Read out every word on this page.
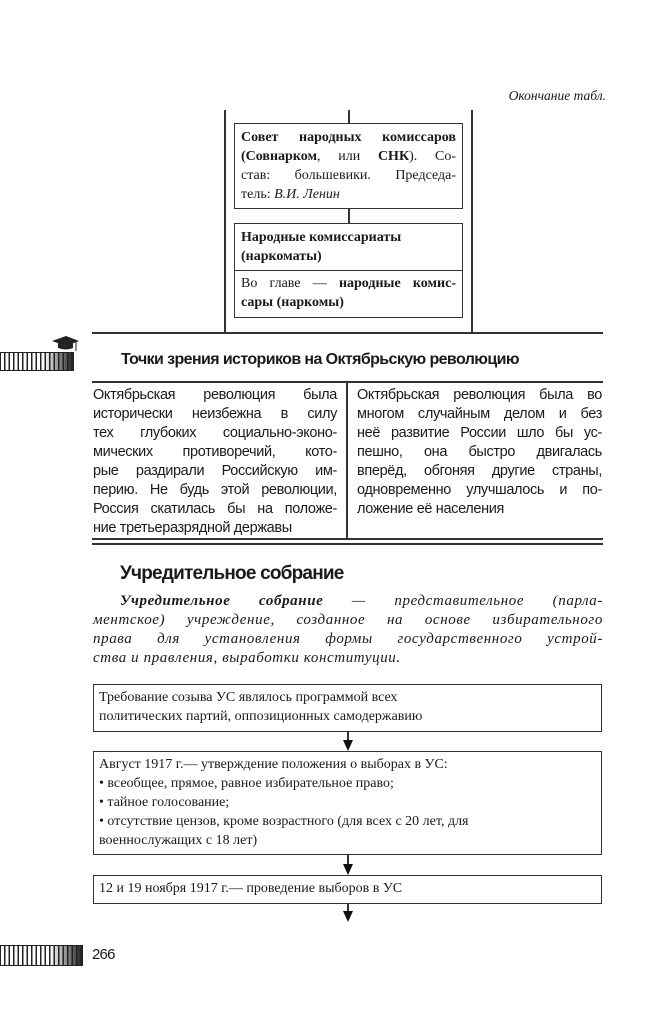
Окончание табл.
Совет народных комиссаров
(Совнарком, или СНК). Со-
став: большевики. Председа-
тель: В.И. Ленин
Народные комиссариаты
(наркоматы)
Во главе — народные комис-
сары (наркомы)
Точки зрения историков на Октябрьскую революцию
Октябрьская революция была
исторически неизбежна в силу
тех глубоких социально-эконо-
мических противоречий, кото-
рые раздирали Российскую им-
перию. Не будь этой революции,
Россия скатилась бы на положе-
ние третьеразрядной державы
Октябрьская революция была во
многом случайным делом и без
неё развитие России шло бы ус-
пешно, она быстро двигалась
вперёд, обгоняя другие страны,
одновременно улучшалось и по-
ложение её населения
Учредительное собрание
Учредительное собрание — представительное (парла-
ментское) учреждение, созданное на основе избирательного
права для установления формы государственного устрой-
ства и правления, выработки конституции.
Требование созыва УС являлось программой всех
политических партий, оппозиционных самодержавию
Август 1917 г.— утверждение положения о выборах в УС:
• всеобщее, прямое, равное избирательное право;
• тайное голосование;
• отсутствие цензов, кроме возрастного (для всех с 20 лет, для
военнослужащих с 18 лет)
12 и 19 ноября 1917 г.— проведение выборов в УС
266
